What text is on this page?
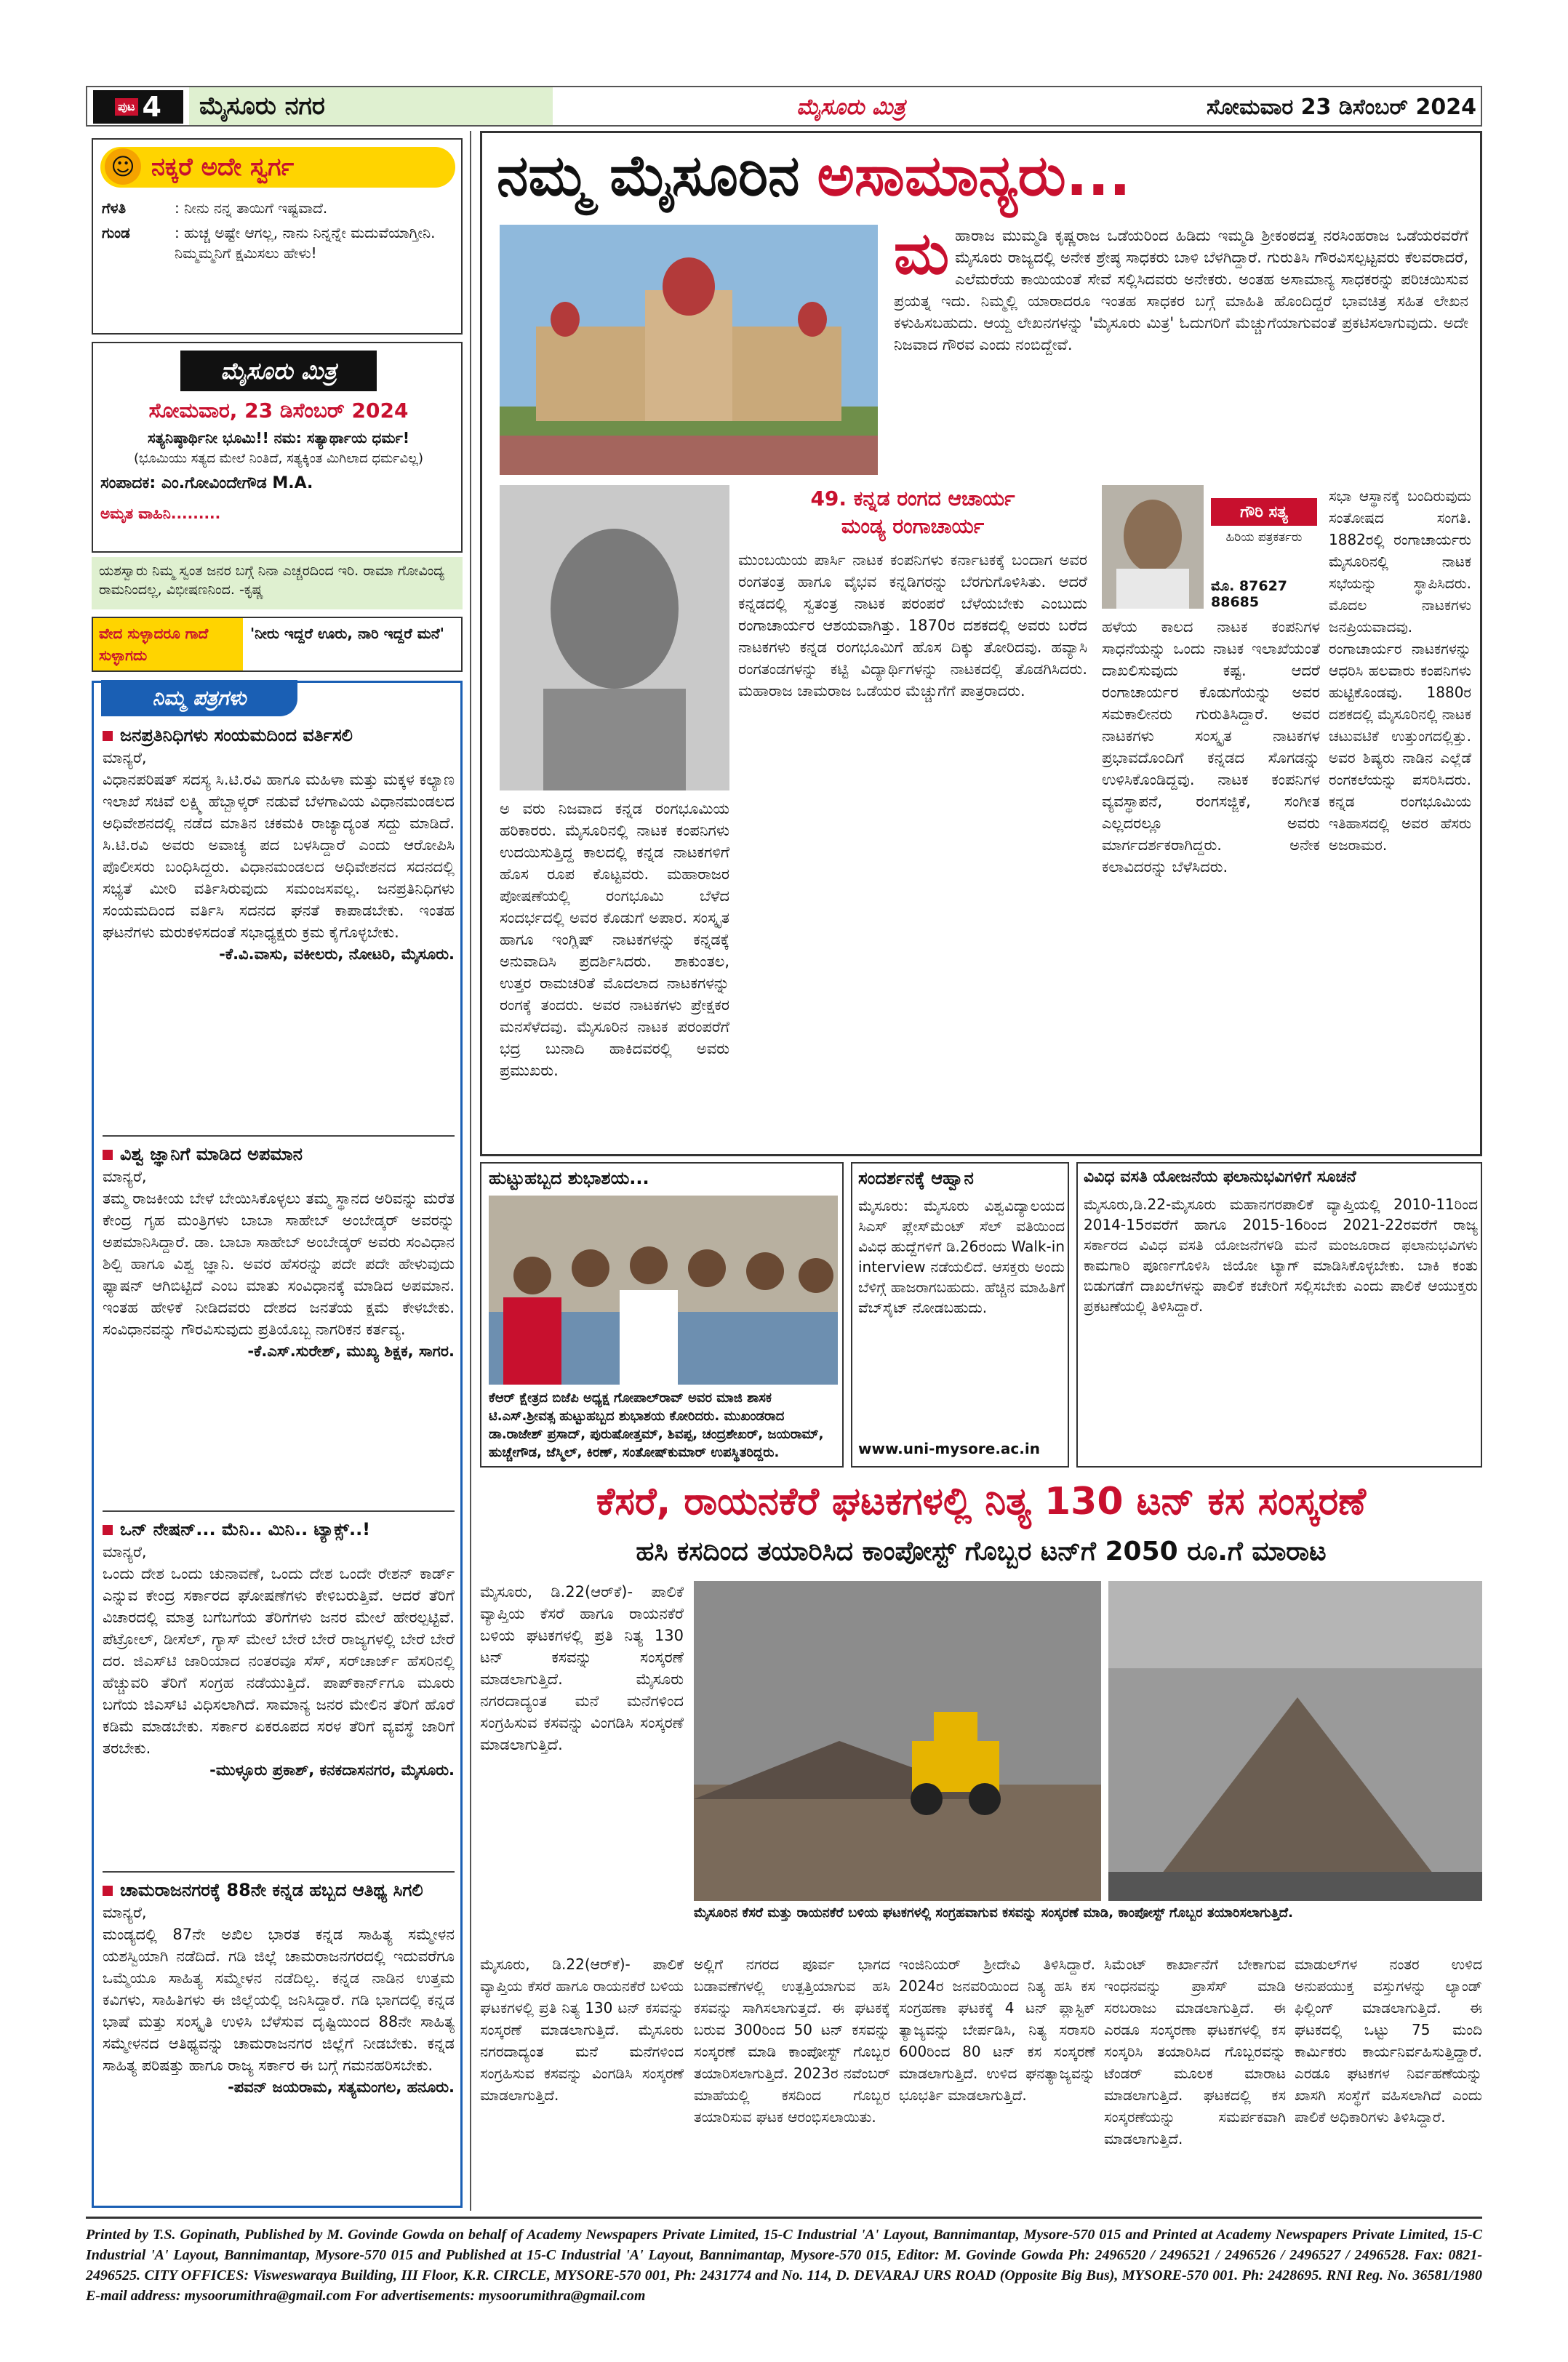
ಪುಟ 4 ಮೈಸೂರು ನಗರ	ಮೈಸೂರು ಮಿತ್ರ	ಸೋಮವಾರ 23 ಡಿಸೆಂಬರ್ 2024
☺ ನಕ್ಕರೆ ಅದೇ ಸ್ವರ್ಗ
ಗೆಳತಿ	: ನೀನು ನನ್ನ ತಾಯಿಗೆ ಇಷ್ಟವಾದೆ.
ಗುಂಡ	: ಹುಚ್ಚ ಅಷ್ಟೇ ಆಗಲ್ಲ, ನಾನು ನಿನ್ನನ್ನೇ ಮದುವೆಯಾಗ್ತೀನಿ. ನಿಮ್ಮಮ್ಮನಿಗೆ ಕ್ಷಮಿಸಲು ಹೇಳು!
ಮೈಸೂರು ಮಿತ್ರ
ಸೋಮವಾರ, 23 ಡಿಸೆಂಬರ್ 2024
ಸತ್ಯನಿಷ್ಠಾರ್ಥಿನೀ ಭೂಮಿ!! ನಮ: ಸತ್ಯಾರ್ಥಾಯ ಧರ್ಮ!
(ಭೂಮಿಯು ಸತ್ಯದ ಮೇಲೆ ನಿಂತಿದೆ, ಸತ್ಯಕ್ಕಿಂತ ಮಿಗಿಲಾದ ಧರ್ಮವಿಲ್ಲ)
ಸಂಪಾದಕ: ಎಂ.ಗೋವಿಂದೇಗೌಡ M.A.
ಅಮೃತ ವಾಹಿನಿ.........
ಯಶಸ್ವಾರು ನಿಮ್ಮ ಸ್ವಂತ ಜನರ ಬಗ್ಗೆ ನಿನಾ ಎಚ್ಚರದಿಂದ ಇರಿ. ರಾಮಾ ಗೋವಿಂದ್ಯ ರಾಮನಿಂದಲ್ಲ, ವಿಭೀಷಣನಿಂದ. -ಕೃಷ್ಣ
ವೇದ ಸುಳ್ಳಾದರೂ ಗಾದೆ ಸುಳ್ಳಾಗದು
'ನೀರು ಇದ್ದರೆ ಊರು, ನಾರಿ ಇದ್ದರೆ ಮನೆ'
ನಿಮ್ಮ ಪತ್ರಗಳು
ಜನಪ್ರತಿನಿಧಿಗಳು ಸಂಯಮದಿಂದ ವರ್ತಿಸಲಿ
ಮಾನ್ಯರೆ,
ವಿಧಾನಪರಿಷತ್ ಸದಸ್ಯ ಸಿ.ಟಿ.ರವಿ ಹಾಗೂ ಮಹಿಳಾ ಮತ್ತು ಮಕ್ಕಳ ಕಲ್ಯಾಣ ಇಲಾಖೆ ಸಚಿವೆ ಲಕ್ಷ್ಮಿ ಹೆಬ್ಬಾಳ್ಕರ್ ನಡುವೆ ಬೆಳಗಾವಿಯ ವಿಧಾನಮಂಡಲದ ಅಧಿವೇಶನದಲ್ಲಿ ನಡೆದ ಮಾತಿನ ಚಕಮಕಿ ರಾಜ್ಯಾದ್ಯಂತ ಸದ್ದು ಮಾಡಿದೆ. ಸಿ.ಟಿ.ರವಿ ಅವರು ಅವಾಚ್ಯ ಪದ ಬಳಸಿದ್ದಾರೆ ಎಂದು ಆರೋಪಿಸಿ ಪೊಲೀಸರು ಬಂಧಿಸಿದ್ದರು. ವಿಧಾನಮಂಡಲದ ಅಧಿವೇಶನದ ಸದನದಲ್ಲಿ ಸಭ್ಯತೆ ಮೀರಿ ವರ್ತಿಸಿರುವುದು ಸಮಂಜಸವಲ್ಲ. ಜನಪ್ರತಿನಿಧಿಗಳು ಸಂಯಮದಿಂದ ವರ್ತಿಸಿ ಸದನದ ಘನತೆ ಕಾಪಾಡಬೇಕು. ಇಂತಹ ಘಟನೆಗಳು ಮರುಕಳಿಸದಂತೆ ಸಭಾಧ್ಯಕ್ಷರು ಕ್ರಮ ಕೈಗೊಳ್ಳಬೇಕು.
-ಕೆ.ವಿ.ವಾಸು, ವಕೀಲರು, ನೋಟರಿ, ಮೈಸೂರು.
ವಿಶ್ವ ಜ್ಞಾನಿಗೆ ಮಾಡಿದ ಅಪಮಾನ
ಮಾನ್ಯರೆ,
ತಮ್ಮ ರಾಜಕೀಯ ಬೇಳೆ ಬೇಯಿಸಿಕೊಳ್ಳಲು ತಮ್ಮ ಸ್ಥಾನದ ಅರಿವನ್ನು ಮರೆತ ಕೇಂದ್ರ ಗೃಹ ಮಂತ್ರಿಗಳು ಬಾಬಾ ಸಾಹೇಬ್ ಅಂಬೇಡ್ಕರ್ ಅವರನ್ನು ಅಪಮಾನಿಸಿದ್ದಾರೆ. ಡಾ. ಬಾಬಾ ಸಾಹೇಬ್ ಅಂಬೇಡ್ಕರ್ ಅವರು ಸಂವಿಧಾನ ಶಿಲ್ಪಿ ಹಾಗೂ ವಿಶ್ವ ಜ್ಞಾನಿ. ಅವರ ಹೆಸರನ್ನು ಪದೇ ಪದೇ ಹೇಳುವುದು ಫ್ಯಾಷನ್ ಆಗಿಬಿಟ್ಟಿದೆ ಎಂಬ ಮಾತು ಸಂವಿಧಾನಕ್ಕೆ ಮಾಡಿದ ಅಪಮಾನ. ಇಂತಹ ಹೇಳಿಕೆ ನೀಡಿದವರು ದೇಶದ ಜನತೆಯ ಕ್ಷಮೆ ಕೇಳಬೇಕು. ಸಂವಿಧಾನವನ್ನು ಗೌರವಿಸುವುದು ಪ್ರತಿಯೊಬ್ಬ ನಾಗರಿಕನ ಕರ್ತವ್ಯ.
-ಕೆ.ಎಸ್.ಸುರೇಶ್, ಮುಖ್ಯ ಶಿಕ್ಷಕ, ಸಾಗರ.
ಒನ್ ನೇಷನ್... ಮೆನಿ.. ಮಿನಿ.. ಟ್ಯಾಕ್ಸ್..!
ಮಾನ್ಯರೆ,
ಒಂದು ದೇಶ ಒಂದು ಚುನಾವಣೆ, ಒಂದು ದೇಶ ಒಂದೇ ರೇಶನ್ ಕಾರ್ಡ್ ಎನ್ನುವ ಕೇಂದ್ರ ಸರ್ಕಾರದ ಘೋಷಣೆಗಳು ಕೇಳಿಬರುತ್ತಿವೆ. ಆದರೆ ತೆರಿಗೆ ವಿಚಾರದಲ್ಲಿ ಮಾತ್ರ ಬಗೆಬಗೆಯ ತೆರಿಗೆಗಳು ಜನರ ಮೇಲೆ ಹೇರಲ್ಪಟ್ಟಿವೆ. ಪೆಟ್ರೋಲ್, ಡೀಸೆಲ್, ಗ್ಯಾಸ್ ಮೇಲೆ ಬೇರೆ ಬೇರೆ ರಾಜ್ಯಗಳಲ್ಲಿ ಬೇರೆ ಬೇರೆ ದರ. ಜಿಎಸ್‌ಟಿ ಜಾರಿಯಾದ ನಂತರವೂ ಸೆಸ್, ಸರ್‌ಚಾರ್ಜ್ ಹೆಸರಿನಲ್ಲಿ ಹೆಚ್ಚುವರಿ ತೆರಿಗೆ ಸಂಗ್ರಹ ನಡೆಯುತ್ತಿದೆ. ಪಾಪ್‌ಕಾರ್ನ್‌ಗೂ ಮೂರು ಬಗೆಯ ಜಿಎಸ್‌ಟಿ ವಿಧಿಸಲಾಗಿದೆ. ಸಾಮಾನ್ಯ ಜನರ ಮೇಲಿನ ತೆರಿಗೆ ಹೊರೆ ಕಡಿಮೆ ಮಾಡಬೇಕು. ಸರ್ಕಾರ ಏಕರೂಪದ ಸರಳ ತೆರಿಗೆ ವ್ಯವಸ್ಥೆ ಜಾರಿಗೆ ತರಬೇಕು.
-ಮುಳ್ಳೂರು ಪ್ರಕಾಶ್, ಕನಕದಾಸನಗರ, ಮೈಸೂರು.
ಚಾಮರಾಜನಗರಕ್ಕೆ 88ನೇ ಕನ್ನಡ ಹಬ್ಬದ ಆತಿಥ್ಯ ಸಿಗಲಿ
ಮಾನ್ಯರೆ,
ಮಂಡ್ಯದಲ್ಲಿ 87ನೇ ಅಖಿಲ ಭಾರತ ಕನ್ನಡ ಸಾಹಿತ್ಯ ಸಮ್ಮೇಳನ ಯಶಸ್ವಿಯಾಗಿ ನಡೆದಿದೆ. ಗಡಿ ಜಿಲ್ಲೆ ಚಾಮರಾಜನಗರದಲ್ಲಿ ಇದುವರೆಗೂ ಒಮ್ಮೆಯೂ ಸಾಹಿತ್ಯ ಸಮ್ಮೇಳನ ನಡೆದಿಲ್ಲ. ಕನ್ನಡ ನಾಡಿನ ಉತ್ತಮ ಕವಿಗಳು, ಸಾಹಿತಿಗಳು ಈ ಜಿಲ್ಲೆಯಲ್ಲಿ ಜನಿಸಿದ್ದಾರೆ. ಗಡಿ ಭಾಗದಲ್ಲಿ ಕನ್ನಡ ಭಾಷೆ ಮತ್ತು ಸಂಸ್ಕೃತಿ ಉಳಿಸಿ ಬೆಳೆಸುವ ದೃಷ್ಟಿಯಿಂದ 88ನೇ ಸಾಹಿತ್ಯ ಸಮ್ಮೇಳನದ ಆತಿಥ್ಯವನ್ನು ಚಾಮರಾಜನಗರ ಜಿಲ್ಲೆಗೆ ನೀಡಬೇಕು. ಕನ್ನಡ ಸಾಹಿತ್ಯ ಪರಿಷತ್ತು ಹಾಗೂ ರಾಜ್ಯ ಸರ್ಕಾರ ಈ ಬಗ್ಗೆ ಗಮನಹರಿಸಬೇಕು.
-ಪವನ್ ಜಯರಾಮ, ಸತ್ಯಮಂಗಲ, ಹನೂರು.
ನಮ್ಮ ಮೈಸೂರಿನ ಅಸಾಮಾನ್ಯರು...
ಮ ಹಾರಾಜ ಮುಮ್ಮಡಿ ಕೃಷ್ಣರಾಜ ಒಡೆಯರಿಂದ ಹಿಡಿದು ಇಮ್ಮಡಿ ಶ್ರೀಕಂಠದತ್ತ ನರಸಿಂಹರಾಜ ಒಡೆಯರವರೆಗೆ ಮೈಸೂರು ರಾಜ್ಯದಲ್ಲಿ ಅನೇಕ ಶ್ರೇಷ್ಠ ಸಾಧಕರು ಬಾಳಿ ಬೆಳಗಿದ್ದಾರೆ. ಗುರುತಿಸಿ ಗೌರವಿಸಲ್ಪಟ್ಟವರು ಕೆಲವರಾದರೆ, ಎಲೆಮರೆಯ ಕಾಯಿಯಂತೆ ಸೇವೆ ಸಲ್ಲಿಸಿದವರು ಅನೇಕರು. ಅಂತಹ ಅಸಾಮಾನ್ಯ ಸಾಧಕರನ್ನು ಪರಿಚಯಿಸುವ ಪ್ರಯತ್ನ ಇದು. ನಿಮ್ಮಲ್ಲಿ ಯಾರಾದರೂ ಇಂತಹ ಸಾಧಕರ ಬಗ್ಗೆ ಮಾಹಿತಿ ಹೊಂದಿದ್ದರೆ ಭಾವಚಿತ್ರ ಸಹಿತ ಲೇಖನ ಕಳುಹಿಸಬಹುದು. ಆಯ್ದ ಲೇಖನಗಳನ್ನು 'ಮೈಸೂರು ಮಿತ್ರ' ಓದುಗರಿಗೆ ಮೆಚ್ಚುಗೆಯಾಗುವಂತೆ ಪ್ರಕಟಿಸಲಾಗುವುದು. ಅದೇ ನಿಜವಾದ ಗೌರವ ಎಂದು ನಂಬಿದ್ದೇವೆ.
49. ಕನ್ನಡ ರಂಗದ ಆಚಾರ್ಯ
ಮಂಡ್ಯ ರಂಗಾಚಾರ್ಯ
ಗೌರಿ ಸತ್ಯ
ಹಿರಿಯ ಪತ್ರಕರ್ತರು
ಮೊ. 87627 88685
ಅ ವರು ನಿಜವಾದ ಕನ್ನಡ ರಂಗಭೂಮಿಯ ಹರಿಕಾರರು. ಮೈಸೂರಿನಲ್ಲಿ ನಾಟಕ ಕಂಪನಿಗಳು ಉದಯಿಸುತ್ತಿದ್ದ ಕಾಲದಲ್ಲಿ ಕನ್ನಡ ನಾಟಕಗಳಿಗೆ ಹೊಸ ರೂಪ ಕೊಟ್ಟವರು. ಮಹಾರಾಜರ ಪೋಷಣೆಯಲ್ಲಿ ರಂಗಭೂಮಿ ಬೆಳೆದ ಸಂದರ್ಭದಲ್ಲಿ ಅವರ ಕೊಡುಗೆ ಅಪಾರ. ಸಂಸ್ಕೃತ ಹಾಗೂ ಇಂಗ್ಲಿಷ್ ನಾಟಕಗಳನ್ನು ಕನ್ನಡಕ್ಕೆ ಅನುವಾದಿಸಿ ಪ್ರದರ್ಶಿಸಿದರು. ಶಾಕುಂತಲ, ಉತ್ತರ ರಾಮಚರಿತೆ ಮೊದಲಾದ ನಾಟಕಗಳನ್ನು ರಂಗಕ್ಕೆ ತಂದರು. ಅವರ ನಾಟಕಗಳು ಪ್ರೇಕ್ಷಕರ ಮನಸೆಳೆದವು. ಮೈಸೂರಿನ ನಾಟಕ ಪರಂಪರೆಗೆ ಭದ್ರ ಬುನಾದಿ ಹಾಕಿದವರಲ್ಲಿ ಅವರು ಪ್ರಮುಖರು.
ಮುಂಬಯಿಯ ಪಾರ್ಸಿ ನಾಟಕ ಕಂಪನಿಗಳು ಕರ್ನಾಟಕಕ್ಕೆ ಬಂದಾಗ ಅವರ ರಂಗತಂತ್ರ ಹಾಗೂ ವೈಭವ ಕನ್ನಡಿಗರನ್ನು ಬೆರಗುಗೊಳಿಸಿತು. ಆದರೆ ಕನ್ನಡದಲ್ಲಿ ಸ್ವತಂತ್ರ ನಾಟಕ ಪರಂಪರೆ ಬೆಳೆಯಬೇಕು ಎಂಬುದು ರಂಗಾಚಾರ್ಯರ ಆಶಯವಾಗಿತ್ತು. 1870ರ ದಶಕದಲ್ಲಿ ಅವರು ಬರೆದ ನಾಟಕಗಳು ಕನ್ನಡ ರಂಗಭೂಮಿಗೆ ಹೊಸ ದಿಕ್ಕು ತೋರಿದವು. ಹವ್ಯಾಸಿ ರಂಗತಂಡಗಳನ್ನು ಕಟ್ಟಿ ವಿದ್ಯಾರ್ಥಿಗಳನ್ನು ನಾಟಕದಲ್ಲಿ ತೊಡಗಿಸಿದರು. ಮಹಾರಾಜ ಚಾಮರಾಜ ಒಡೆಯರ ಮೆಚ್ಚುಗೆಗೆ ಪಾತ್ರರಾದರು.
ಹಳೆಯ ಕಾಲದ ನಾಟಕ ಕಂಪನಿಗಳ ಸಾಧನೆಯನ್ನು ಒಂದು ನಾಟಕ ಇಲಾಖೆಯಂತೆ ದಾಖಲಿಸುವುದು ಕಷ್ಟ. ಆದರೆ ರಂಗಾಚಾರ್ಯರ ಕೊಡುಗೆಯನ್ನು ಅವರ ಸಮಕಾಲೀನರು ಗುರುತಿಸಿದ್ದಾರೆ. ಅವರ ನಾಟಕಗಳು ಸಂಸ್ಕೃತ ನಾಟಕಗಳ ಪ್ರಭಾವದೊಂದಿಗೆ ಕನ್ನಡದ ಸೊಗಡನ್ನು ಉಳಿಸಿಕೊಂಡಿದ್ದವು. ನಾಟಕ ಕಂಪನಿಗಳ ವ್ಯವಸ್ಥಾಪನೆ, ರಂಗಸಜ್ಜಿಕೆ, ಸಂಗೀತ ಎಲ್ಲದರಲ್ಲೂ ಅವರು ಮಾರ್ಗದರ್ಶಕರಾಗಿದ್ದರು. ಅನೇಕ ಕಲಾವಿದರನ್ನು ಬೆಳೆಸಿದರು.
ಸಭಾ ಆಸ್ಥಾನಕ್ಕೆ ಬಂದಿರುವುದು ಸಂತೋಷದ ಸಂಗತಿ. 1882ರಲ್ಲಿ ರಂಗಾಚಾರ್ಯರು ಮೈಸೂರಿನಲ್ಲಿ ನಾಟಕ ಸಭೆಯನ್ನು ಸ್ಥಾಪಿಸಿದರು. ಮೊದಲ ನಾಟಕಗಳು ಜನಪ್ರಿಯವಾದವು. ರಂಗಾಚಾರ್ಯರ ನಾಟಕಗಳನ್ನು ಆಧರಿಸಿ ಹಲವಾರು ಕಂಪನಿಗಳು ಹುಟ್ಟಿಕೊಂಡವು. 1880ರ ದಶಕದಲ್ಲಿ ಮೈಸೂರಿನಲ್ಲಿ ನಾಟಕ ಚಟುವಟಿಕೆ ಉತ್ತುಂಗದಲ್ಲಿತ್ತು. ಅವರ ಶಿಷ್ಯರು ನಾಡಿನ ಎಲ್ಲೆಡೆ ರಂಗಕಲೆಯನ್ನು ಪಸರಿಸಿದರು. ಕನ್ನಡ ರಂಗಭೂಮಿಯ ಇತಿಹಾಸದಲ್ಲಿ ಅವರ ಹೆಸರು ಅಜರಾಮರ.
ಹುಟ್ಟುಹಬ್ಬದ ಶುಭಾಶಯ...
ಕೆಆರ್ ಕ್ಷೇತ್ರದ ಬಿಜೆಪಿ ಅಧ್ಯಕ್ಷ ಗೋಪಾಲ್‌ರಾವ್ ಅವರ ಮಾಜಿ ಶಾಸಕ ಟಿ.ಎಸ್.ಶ್ರೀವತ್ಸ ಹುಟ್ಟುಹಬ್ಬದ ಶುಭಾಶಯ ಕೋರಿದರು. ಮುಖಂಡರಾದ ಡಾ.ರಾಜೇಶ್ ಪ್ರಸಾದ್, ಪುರುಷೋತ್ತಮ್, ಶಿವಪ್ಪ, ಚಂದ್ರಶೇಖರ್, ಜಯರಾಮ್, ಹುಚ್ಚೇಗೌಡ, ಜೆಸ್ಮಿಲ್, ಕಿರಣ್, ಸಂತೋಷ್‌ಕುಮಾರ್ ಉಪಸ್ಥಿತರಿದ್ದರು.
ಸಂದರ್ಶನಕ್ಕೆ ಆಹ್ವಾನ
ಮೈಸೂರು: ಮೈಸೂರು ವಿಶ್ವವಿದ್ಯಾಲಯದ ಸಿಎಸ್ ಪ್ಲೇಸ್‌ಮೆಂಟ್ ಸೆಲ್ ವತಿಯಿಂದ ವಿವಿಧ ಹುದ್ದೆಗಳಿಗೆ ಡಿ.26ರಂದು Walk-in interview ನಡೆಯಲಿದೆ. ಆಸಕ್ತರು ಅಂದು ಬೆಳಿಗ್ಗೆ ಹಾಜರಾಗಬಹುದು. ಹೆಚ್ಚಿನ ಮಾಹಿತಿಗೆ ವೆಬ್‌ಸೈಟ್ ನೋಡಬಹುದು.
www.uni-mysore.ac.in
ವಿವಿಧ ವಸತಿ ಯೋಜನೆಯ ಫಲಾನುಭವಿಗಳಿಗೆ ಸೂಚನೆ
ಮೈಸೂರು,ಡಿ.22-ಮೈಸೂರು ಮಹಾನಗರಪಾಲಿಕೆ ವ್ಯಾಪ್ತಿಯಲ್ಲಿ 2010-11ರಿಂದ 2014-15ರವರೆಗೆ ಹಾಗೂ 2015-16ರಿಂದ 2021-22ರವರೆಗೆ ರಾಜ್ಯ ಸರ್ಕಾರದ ವಿವಿಧ ವಸತಿ ಯೋಜನೆಗಳಡಿ ಮನೆ ಮಂಜೂರಾದ ಫಲಾನುಭವಿಗಳು ಕಾಮಗಾರಿ ಪೂರ್ಣಗೊಳಿಸಿ ಜಿಯೋ ಟ್ಯಾಗ್ ಮಾಡಿಸಿಕೊಳ್ಳಬೇಕು. ಬಾಕಿ ಕಂತು ಬಿಡುಗಡೆಗೆ ದಾಖಲೆಗಳನ್ನು ಪಾಲಿಕೆ ಕಚೇರಿಗೆ ಸಲ್ಲಿಸಬೇಕು ಎಂದು ಪಾಲಿಕೆ ಆಯುಕ್ತರು ಪ್ರಕಟಣೆಯಲ್ಲಿ ತಿಳಿಸಿದ್ದಾರೆ.
ಕೆಸರೆ, ರಾಯನಕೆರೆ ಘಟಕಗಳಲ್ಲಿ ನಿತ್ಯ 130 ಟನ್ ಕಸ ಸಂಸ್ಕರಣೆ
ಹಸಿ ಕಸದಿಂದ ತಯಾರಿಸಿದ ಕಾಂಪೋಸ್ಟ್ ಗೊಬ್ಬರ ಟನ್‌ಗೆ 2050 ರೂ.ಗೆ ಮಾರಾಟ
ಮೈಸೂರು, ಡಿ.22(ಆರ್‌ಕೆ)- ಪಾಲಿಕೆ ವ್ಯಾಪ್ತಿಯ ಕೆಸರೆ ಹಾಗೂ ರಾಯನಕೆರೆ ಬಳಿಯ ಘಟಕಗಳಲ್ಲಿ ಪ್ರತಿ ನಿತ್ಯ 130 ಟನ್ ಕಸವನ್ನು ಸಂಸ್ಕರಣೆ ಮಾಡಲಾಗುತ್ತಿದೆ. ಮೈಸೂರು ನಗರದಾದ್ಯಂತ ಮನೆ ಮನೆಗಳಿಂದ ಸಂಗ್ರಹಿಸುವ ಕಸವನ್ನು ವಿಂಗಡಿಸಿ ಸಂಸ್ಕರಣೆ ಮಾಡಲಾಗುತ್ತಿದೆ.
ಮೈಸೂರಿನ ಕೆಸರೆ ಮತ್ತು ರಾಯನಕೆರೆ ಬಳಿಯ ಘಟಕಗಳಲ್ಲಿ ಸಂಗ್ರಹವಾಗುವ ಕಸವನ್ನು ಸಂಸ್ಕರಣೆ ಮಾಡಿ, ಕಾಂಪೋಸ್ಟ್ ಗೊಬ್ಬರ ತಯಾರಿಸಲಾಗುತ್ತಿದೆ.
ಮೈಸೂರು, ಡಿ.22(ಆರ್‌ಕೆ)- ಪಾಲಿಕೆ ವ್ಯಾಪ್ತಿಯ ಕೆಸರೆ ಹಾಗೂ ರಾಯನಕೆರೆ ಬಳಿಯ ಘಟಕಗಳಲ್ಲಿ ಪ್ರತಿ ನಿತ್ಯ 130 ಟನ್ ಕಸವನ್ನು ಸಂಸ್ಕರಣೆ ಮಾಡಲಾಗುತ್ತಿದೆ. ಮೈಸೂರು ನಗರದಾದ್ಯಂತ ಮನೆ ಮನೆಗಳಿಂದ ಸಂಗ್ರಹಿಸುವ ಕಸವನ್ನು ವಿಂಗಡಿಸಿ ಸಂಸ್ಕರಣೆ ಮಾಡಲಾಗುತ್ತಿದೆ.
ಅಲ್ಲಿಗೆ ನಗರದ ಪೂರ್ವ ಭಾಗದ ಬಡಾವಣೆಗಳಲ್ಲಿ ಉತ್ಪತ್ತಿಯಾಗುವ ಹಸಿ ಕಸವನ್ನು ಸಾಗಿಸಲಾಗುತ್ತದೆ. ಈ ಘಟಕಕ್ಕೆ ಬರುವ 300ರಿಂದ 50 ಟನ್ ಕಸವನ್ನು ಸಂಸ್ಕರಣೆ ಮಾಡಿ ಕಾಂಪೋಸ್ಟ್ ಗೊಬ್ಬರ ತಯಾರಿಸಲಾಗುತ್ತಿದೆ. 2023ರ ನವೆಂಬರ್ ಮಾಹೆಯಲ್ಲಿ ಕಸದಿಂದ ಗೊಬ್ಬರ ತಯಾರಿಸುವ ಘಟಕ ಆರಂಭಿಸಲಾಯಿತು.
ಇಂಜಿನಿಯರ್ ಶ್ರೀದೇವಿ ತಿಳಿಸಿದ್ದಾರೆ. 2024ರ ಜನವರಿಯಿಂದ ನಿತ್ಯ ಹಸಿ ಕಸ ಸಂಗ್ರಹಣಾ ಘಟಕಕ್ಕೆ 4 ಟನ್ ಪ್ಲಾಸ್ಟಿಕ್ ತ್ಯಾಜ್ಯವನ್ನು ಬೇರ್ಪಡಿಸಿ, ನಿತ್ಯ ಸರಾಸರಿ 600ರಿಂದ 80 ಟನ್ ಕಸ ಸಂಸ್ಕರಣೆ ಮಾಡಲಾಗುತ್ತಿದೆ. ಉಳಿದ ಘನತ್ಯಾಜ್ಯವನ್ನು ಭೂಭರ್ತಿ ಮಾಡಲಾಗುತ್ತಿದೆ.
ಸಿಮೆಂಟ್ ಕಾರ್ಖಾನೆಗೆ ಬೇಕಾಗುವ ಇಂಧನವನ್ನು ಪ್ರಾಸೆಸ್ ಮಾಡಿ ಸರಬರಾಜು ಮಾಡಲಾಗುತ್ತಿದೆ. ಈ ಎರಡೂ ಸಂಸ್ಕರಣಾ ಘಟಕಗಳಲ್ಲಿ ಕಸ ಸಂಸ್ಕರಿಸಿ ತಯಾರಿಸಿದ ಗೊಬ್ಬರವನ್ನು ಟೆಂಡರ್ ಮೂಲಕ ಮಾರಾಟ ಮಾಡಲಾಗುತ್ತಿದೆ. ಘಟಕದಲ್ಲಿ ಕಸ ಸಂಸ್ಕರಣೆಯನ್ನು ಸಮರ್ಪಕವಾಗಿ ಮಾಡಲಾಗುತ್ತಿದೆ.
ಮಾಡುಲ್‌ಗಳ ನಂತರ ಉಳಿದ ಅನುಪಯುಕ್ತ ವಸ್ತುಗಳನ್ನು ಲ್ಯಾಂಡ್ ಫಿಲ್ಲಿಂಗ್ ಮಾಡಲಾಗುತ್ತಿದೆ. ಈ ಘಟಕದಲ್ಲಿ ಒಟ್ಟು 75 ಮಂದಿ ಕಾರ್ಮಿಕರು ಕಾರ್ಯನಿರ್ವಹಿಸುತ್ತಿದ್ದಾರೆ. ಎರಡೂ ಘಟಕಗಳ ನಿರ್ವಹಣೆಯನ್ನು ಖಾಸಗಿ ಸಂಸ್ಥೆಗೆ ವಹಿಸಲಾಗಿದೆ ಎಂದು ಪಾಲಿಕೆ ಅಧಿಕಾರಿಗಳು ತಿಳಿಸಿದ್ದಾರೆ.
Printed by T.S. Gopinath, Published by M. Govinde Gowda on behalf of Academy Newspapers Private Limited, 15-C Industrial 'A' Layout, Bannimantap, Mysore-570 015 and Printed at Academy Newspapers Private Limited, 15-C Industrial 'A' Layout, Bannimantap, Mysore-570 015 and Published at 15-C Industrial 'A' Layout, Bannimantap, Mysore-570 015, Editor: M. Govinde Gowda Ph: 2496520 / 2496521 / 2496526 / 2496527 / 2496528. Fax: 0821-2496525. CITY OFFICES: Visweswaraya Building, III Floor, K.R. CIRCLE, MYSORE-570 001, Ph: 2431774 and No. 114, D. DEVARAJ URS ROAD (Opposite Big Bus), MYSORE-570 001. Ph: 2428695. RNI Reg. No. 36581/1980 E-mail address: mysoorumithra@gmail.com For advertisements: mysoorumithra@gmail.com
